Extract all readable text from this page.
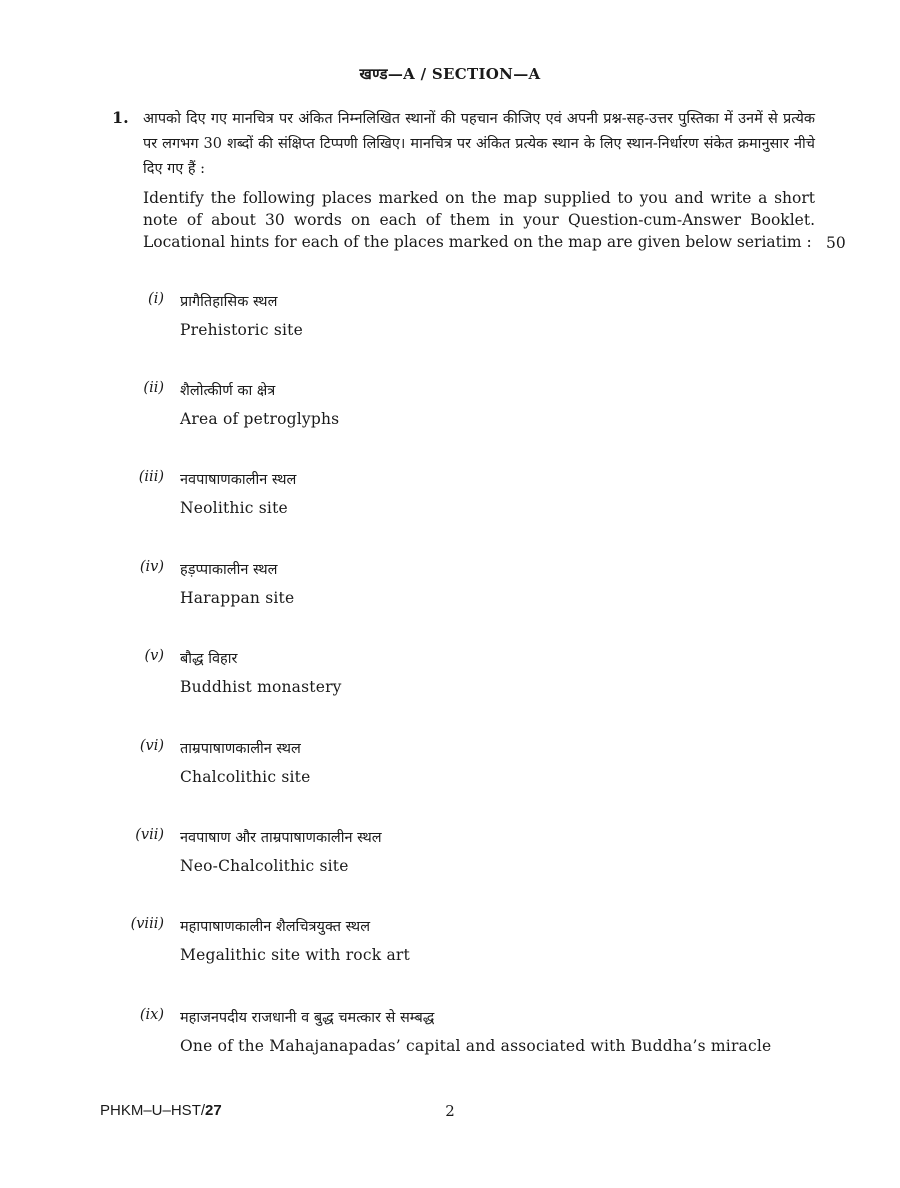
खण्ड—A / SECTION—A
1. आपको दिए गए मानचित्र पर अंकित निम्नलिखित स्थानों की पहचान कीजिए एवं अपनी प्रश्न-सह-उत्तर पुस्तिका में उनमें से प्रत्येक पर लगभग 30 शब्दों की संक्षिप्त टिप्पणी लिखिए। मानचित्र पर अंकित प्रत्येक स्थान के लिए स्थान-निर्धारण संकेत क्रमानुसार नीचे दिए गए हैं :
Identify the following places marked on the map supplied to you and write a short note of about 30 words on each of them in your Question-cum-Answer Booklet. Locational hints for each of the places marked on the map are given below seriatim : 50
(i) प्रागैतिहासिक स्थल
Prehistoric site
(ii) शैलोत्कीर्ण का क्षेत्र
Area of petroglyphs
(iii) नवपाषाणकालीन स्थल
Neolithic site
(iv) हड़प्पाकालीन स्थल
Harappan site
(v) बौद्ध विहार
Buddhist monastery
(vi) ताम्रपाषाणकालीन स्थल
Chalcolithic site
(vii) नवपाषाण और ताम्रपाषाणकालीन स्थल
Neo-Chalcolithic site
(viii) महापाषाणकालीन शैलचित्रयुक्त स्थल
Megalithic site with rock art
(ix) महाजनपदीय राजधानी व बुद्ध चमत्कार से सम्बद्ध
One of the Mahajanapadas’ capital and associated with Buddha’s miracle
PHKM–U–HST/27	2
